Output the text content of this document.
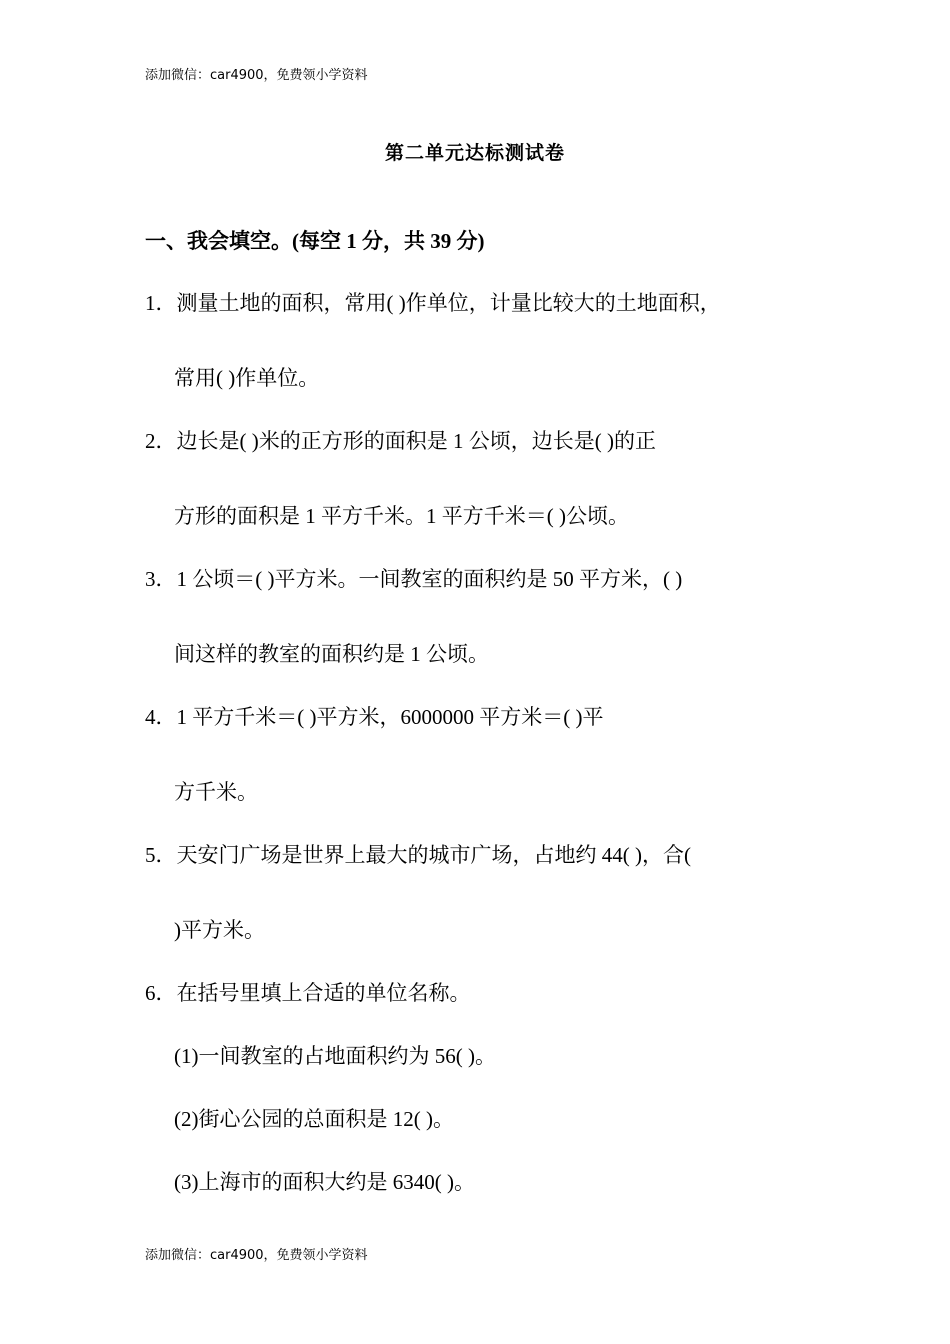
添加微信：car4900，免费领小学资料
第二单元达标测试卷
一、我会填空。(每空 1 分，共 39 分)
1．测量土地的面积，常用( )作单位，计量比较大的土地面积，
常用( )作单位。
2．边长是( )米的正方形的面积是 1 公顷，边长是( )的正
方形的面积是 1 平方千米。1 平方千米＝( )公顷。
3．1 公顷＝( )平方米。一间教室的面积约是 50 平方米，( )
间这样的教室的面积约是 1 公顷。
4．1 平方千米＝( )平方米，6000000 平方米＝( )平
方千米。
5．天安门广场是世界上最大的城市广场，占地约 44( )，合(
)平方米。
6．在括号里填上合适的单位名称。
(1)一间教室的占地面积约为 56( )。
(2)街心公园的总面积是 12( )。
(3)上海市的面积大约是 6340( )。
添加微信：car4900，免费领小学资料
